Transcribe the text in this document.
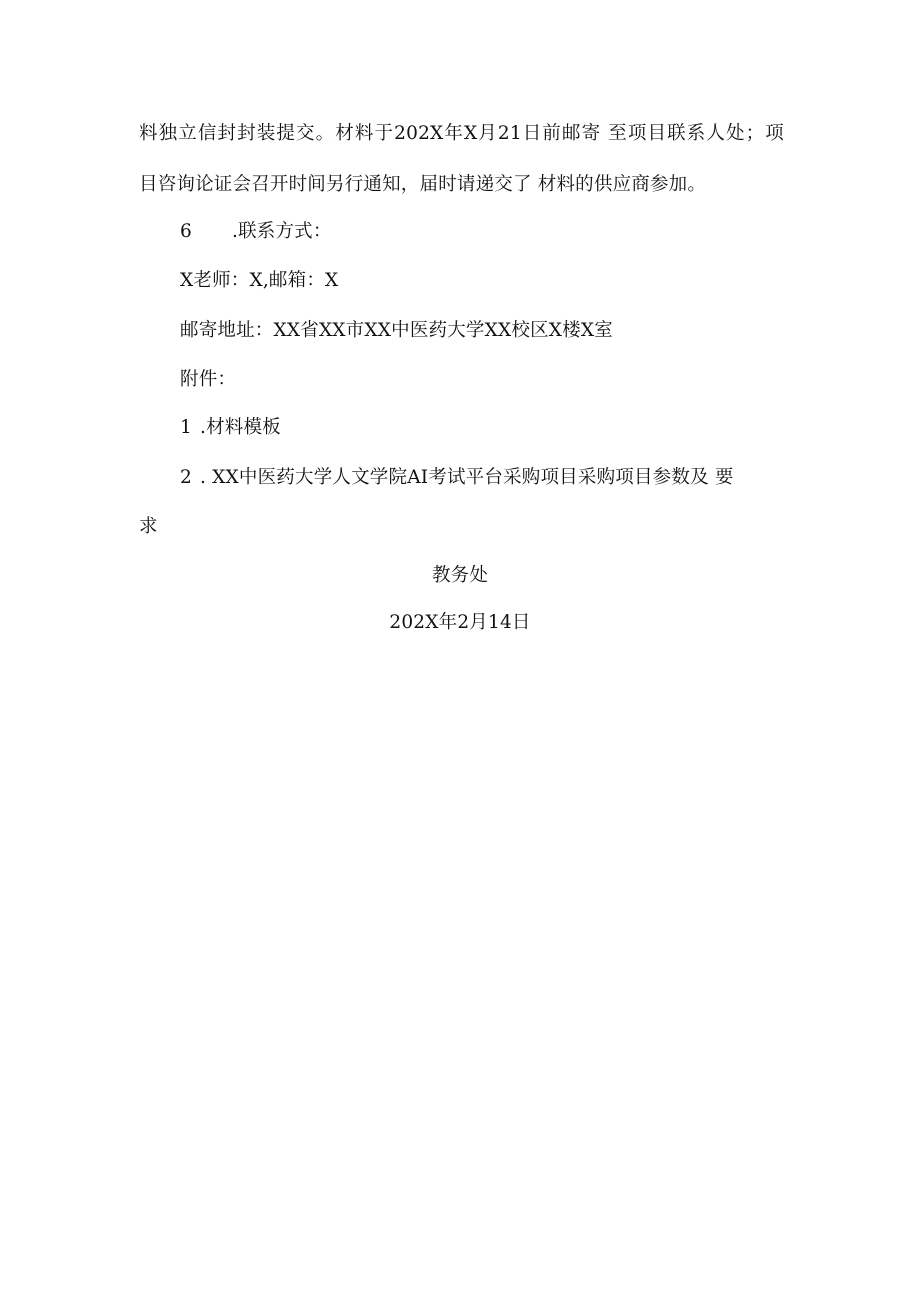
料独立信封封装提交。材料于202X年X月21日前邮寄 至项目联系人处；项
目咨询论证会召开时间另行通知，届时请递交了 材料的供应商参加。
6 .联系方式：
X老师：X,邮箱：X
邮寄地址：XX省XX市XX中医药大学XX校区X楼X室
附件：
1 .材料模板
2 . XX中医药大学人文学院AI考试平台采购项目采购项目参数及 要
求
教务处
202X年2月14日
